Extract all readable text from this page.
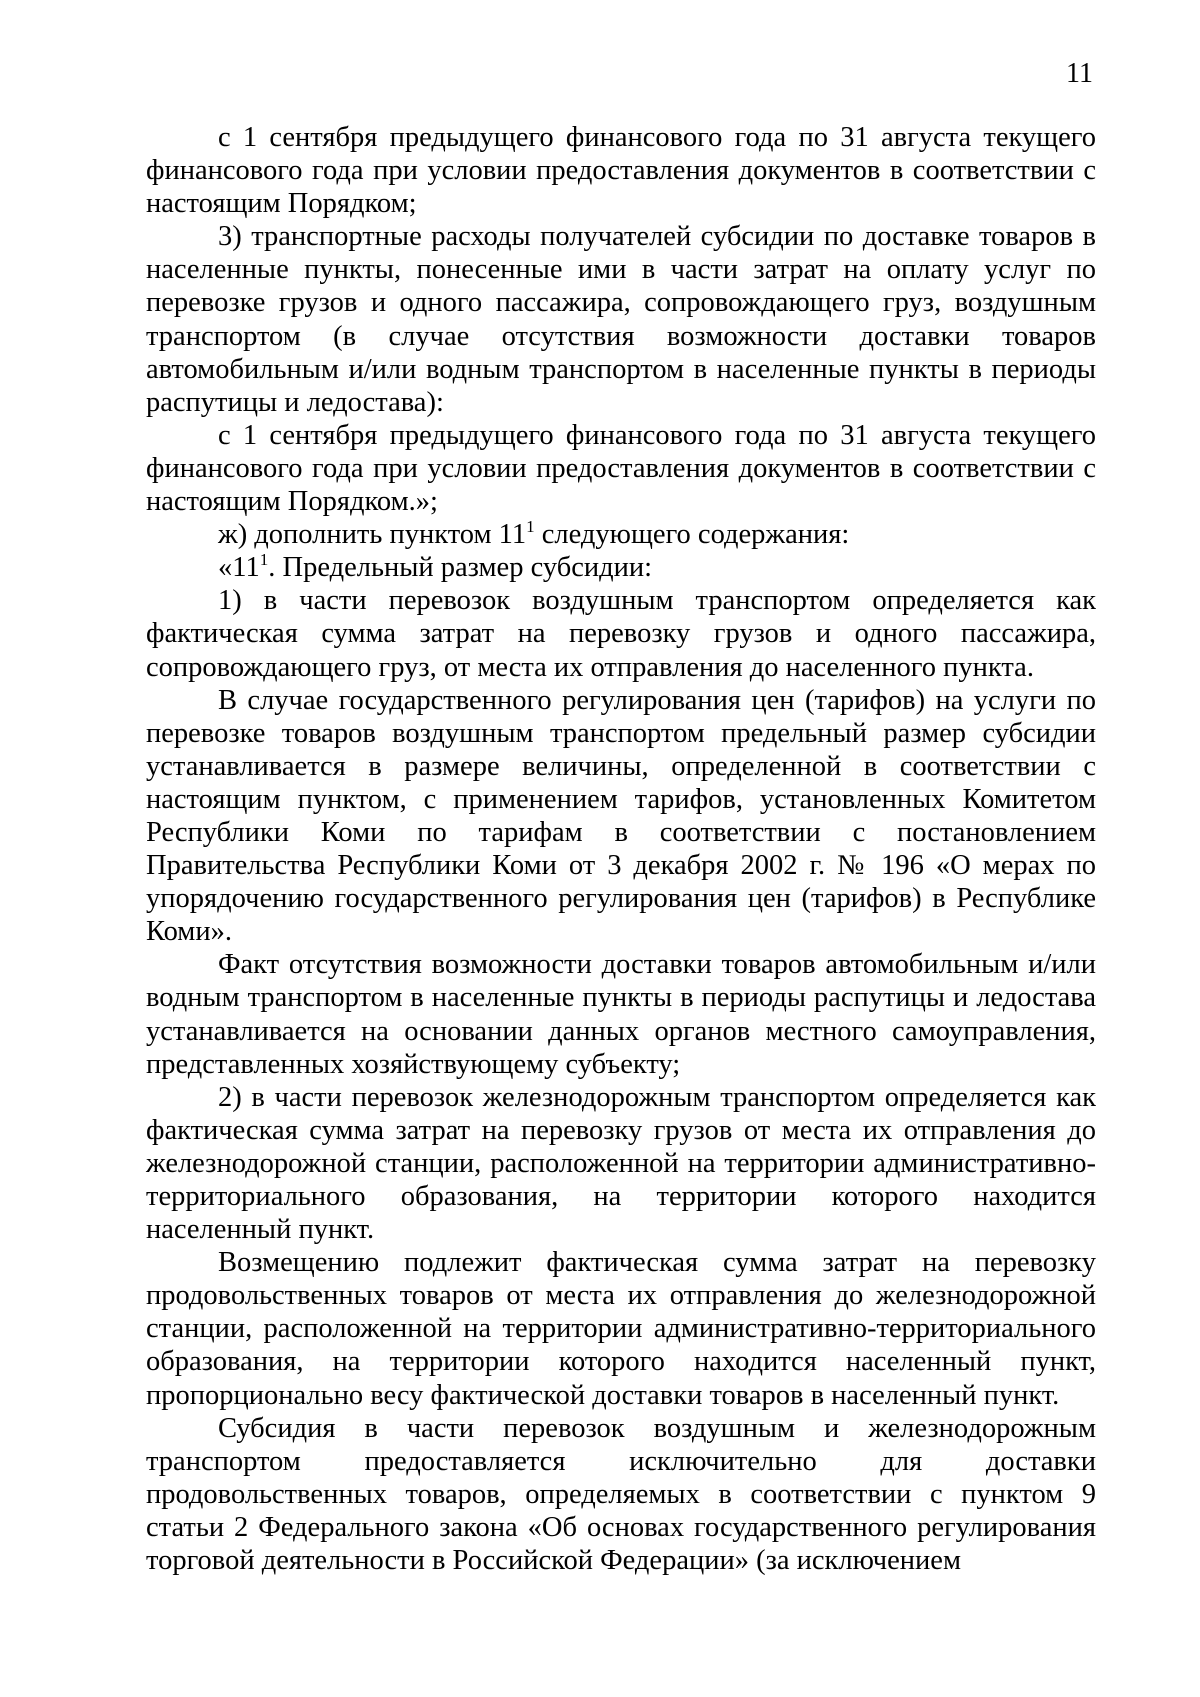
11

с 1 сентября предыдущего финансового года по 31 августа текущего финансового года при условии предоставления документов в соответствии с настоящим Порядком;

3) транспортные расходы получателей субсидии по доставке товаров в населенные пункты, понесенные ими в части затрат на оплату услуг по перевозке грузов и одного пассажира, сопровождающего груз, воздушным транспортом (в случае отсутствия возможности доставки товаров автомобильным и/или водным транспортом в населенные пункты в периоды распутицы и ледостава):

с 1 сентября предыдущего финансового года по 31 августа текущего финансового года при условии предоставления документов в соответствии с настоящим Порядком.»;

ж) дополнить пунктом $11^1$ следующего содержания:

«$11^1$. Предельный размер субсидии:

1) в части перевозок воздушным транспортом определяется как фактическая сумма затрат на перевозку грузов и одного пассажира, сопровождающего груз, от места их отправления до населенного пункта.

В случае государственного регулирования цен (тарифов) на услуги по перевозке товаров воздушным транспортом предельный размер субсидии устанавливается в размере величины, определенной в соответствии с настоящим пунктом, с применением тарифов, установленных Комитетом Республики Коми по тарифам в соответствии с постановлением Правительства Республики Коми от 3 декабря 2002 г. № 196 «О мерах по упорядочению государственного регулирования цен (тарифов) в Республике Коми».

Факт отсутствия возможности доставки товаров автомобильным и/или водным транспортом в населенные пункты в периоды распутицы и ледостава устанавливается на основании данных органов местного самоуправления, представленных хозяйствующему субъекту;

2) в части перевозок железнодорожным транспортом определяется как фактическая сумма затрат на перевозку грузов от места их отправления до железнодорожной станции, расположенной на территории административно-территориального образования, на территории которого находится населенный пункт.

Возмещению подлежит фактическая сумма затрат на перевозку продовольственных товаров от места их отправления до железнодорожной станции, расположенной на территории административно-территориального образования, на территории которого находится населенный пункт, пропорционально весу фактической доставки товаров в населенный пункт.

Субсидия в части перевозок воздушным и железнодорожным транспортом предоставляется исключительно для доставки продовольственных товаров, определяемых в соответствии с пунктом 9 статьи 2 Федерального закона «Об основах государственного регулирования торговой деятельности в Российской Федерации» (за исключением
